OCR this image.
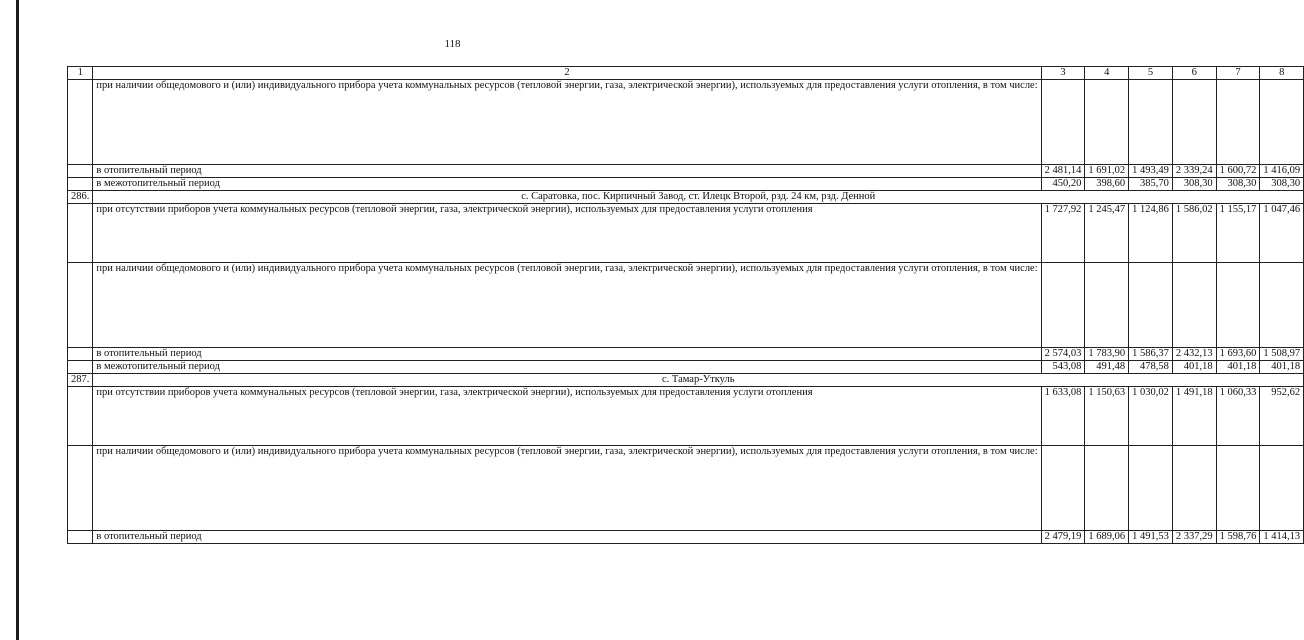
118
1	2	3	4	5	6	7	8
	при наличии общедомового и (или) индивидуального прибора учета коммунальных ресурсов (тепловой энергии, газа, электрической энергии), используемых для предоставления услуги отопления, в том числе:						
	в отопительный период	2 481,14	1 691,02	1 493,49	2 339,24	1 600,72	1 416,09
	в межотопительный период	450,20	398,60	385,70	308,30	308,30	308,30
286.	с. Саратовка, пос. Кирпичный Завод, ст. Илецк Второй, рзд. 24 км, рзд. Денной						
	при отсутствии приборов учета коммунальных ресурсов (тепловой энергии, газа, электрической энергии), используемых для предоставления услуги отопления	1 727,92	1 245,47	1 124,86	1 586,02	1 155,17	1 047,46
	при наличии общедомового и (или) индивидуального прибора учета коммунальных ресурсов (тепловой энергии, газа, электрической энергии), используемых для предоставления услуги отопления, в том числе:						
	в отопительный период	2 574,03	1 783,90	1 586,37	2 432,13	1 693,60	1 508,97
	в межотопительный период	543,08	491,48	478,58	401,18	401,18	401,18
287.	с. Тамар-Уткуль						
	при отсутствии приборов учета коммунальных ресурсов (тепловой энергии, газа, электрической энергии), используемых для предоставления услуги отопления	1 633,08	1 150,63	1 030,02	1 491,18	1 060,33	952,62
	при наличии общедомового и (или) индивидуального прибора учета коммунальных ресурсов (тепловой энергии, газа, электрической энергии), используемых для предоставления услуги отопления, в том числе:						
	в отопительный период	2 479,19	1 689,06	1 491,53	2 337,29	1 598,76	1 414,13
